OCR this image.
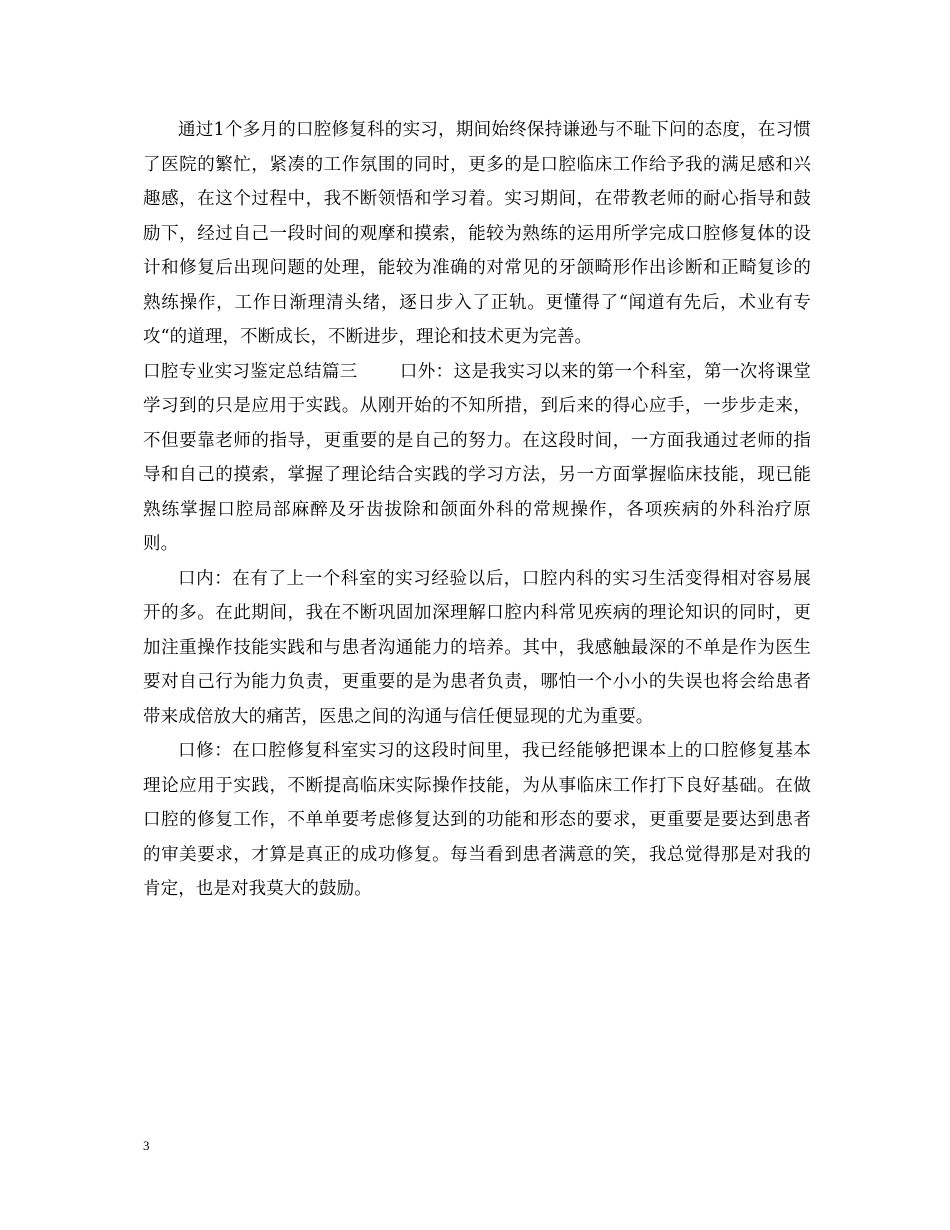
通过1个多月的口腔修复科的实习，期间始终保持谦逊与不耻下问的态度，在习惯了医院的繁忙，紧凑的工作氛围的同时，更多的是口腔临床工作给予我的满足感和兴趣感，在这个过程中，我不断领悟和学习着。实习期间，在带教老师的耐心指导和鼓励下，经过自己一段时间的观摩和摸索，能较为熟练的运用所学完成口腔修复体的设计和修复后出现问题的处理，能较为准确的对常见的牙颌畸形作出诊断和正畸复诊的熟练操作，工作日渐理清头绪，逐日步入了正轨。更懂得了“闻道有先后，术业有专攻“的道理，不断成长，不断进步，理论和技术更为完善。

口腔专业实习鉴定总结篇三 口外：这是我实习以来的第一个科室，第一次将课堂学习到的只是应用于实践。从刚开始的不知所措，到后来的得心应手，一步步走来，不但要靠老师的指导，更重要的是自己的努力。在这段时间，一方面我通过老师的指导和自己的摸索，掌握了理论结合实践的学习方法，另一方面掌握临床技能，现已能熟练掌握口腔局部麻醉及牙齿拔除和颌面外科的常规操作，各项疾病的外科治疗原则。

口内：在有了上一个科室的实习经验以后，口腔内科的实习生活变得相对容易展开的多。在此期间，我在不断巩固加深理解口腔内科常见疾病的理论知识的同时，更加注重操作技能实践和与患者沟通能力的培养。其中，我感触最深的不单是作为医生要对自己行为能力负责，更重要的是为患者负责，哪怕一个小小的失误也将会给患者带来成倍放大的痛苦，医患之间的沟通与信任便显现的尤为重要。

口修：在口腔修复科室实习的这段时间里，我已经能够把课本上的口腔修复基本理论应用于实践，不断提高临床实际操作技能，为从事临床工作打下良好基础。在做口腔的修复工作，不单单要考虑修复达到的功能和形态的要求，更重要是要达到患者的审美要求，才算是真正的成功修复。每当看到患者满意的笑，我总觉得那是对我的肯定，也是对我莫大的鼓励。

3
